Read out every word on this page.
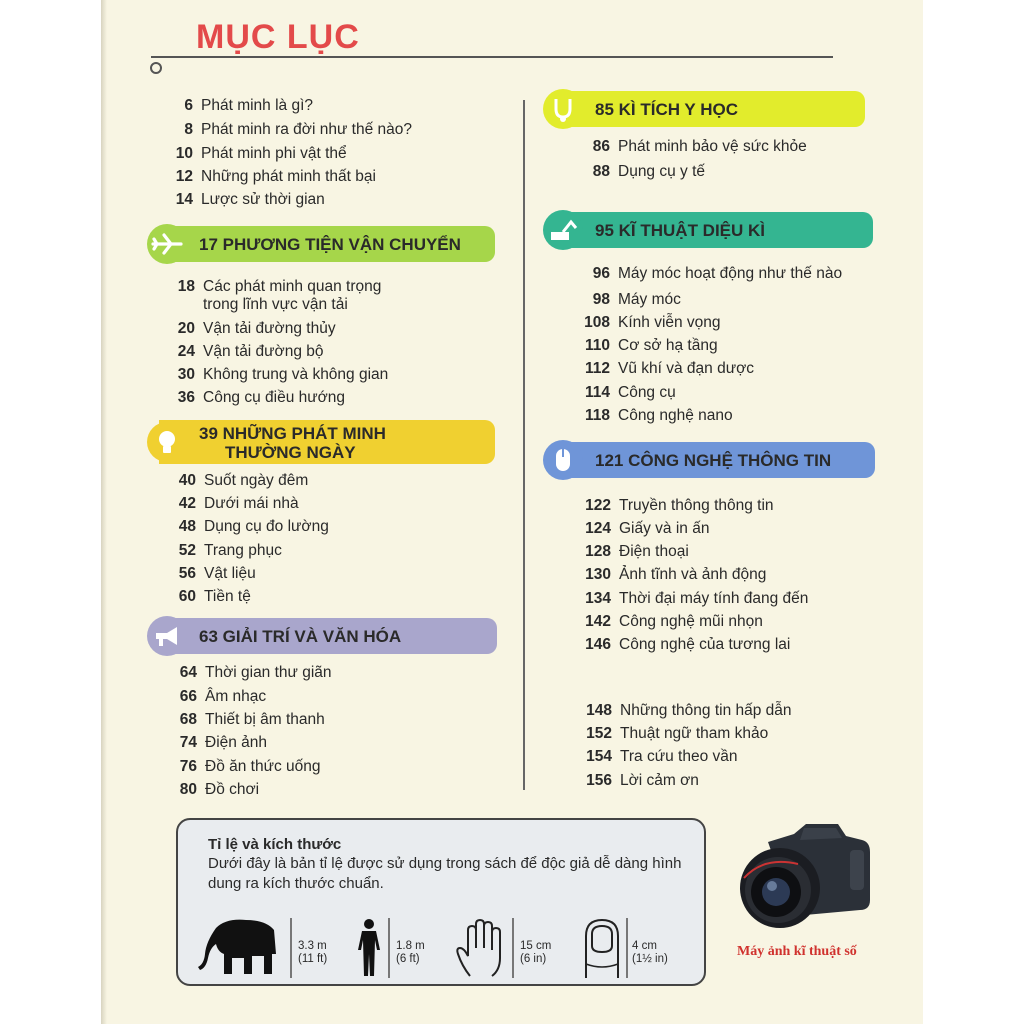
MỤC LỤC
6 Phát minh là gì?
8 Phát minh ra đời như thế nào?
10 Phát minh phi vật thể
12 Những phát minh thất bại
14 Lược sử thời gian
17 PHƯƠNG TIỆN VẬN CHUYỂN
18 Các phát minh quan trọng
trong lĩnh vực vận tải
20 Vận tải đường thủy
24 Vận tải đường bộ
30 Không trung và không gian
36 Công cụ điều hướng
39 NHỮNG PHÁT MINH
THƯỜNG NGÀY
40 Suốt ngày đêm
42 Dưới mái nhà
48 Dụng cụ đo lường
52 Trang phục
56 Vật liệu
60 Tiền tệ
63 GIẢI TRÍ VÀ VĂN HÓA
64 Thời gian thư giãn
66 Âm nhạc
68 Thiết bị âm thanh
74 Điện ảnh
76 Đồ ăn thức uống
80 Đồ chơi
85 KÌ TÍCH Y HỌC
86 Phát minh bảo vệ sức khỏe
88 Dụng cụ y tế
95 KĨ THUẬT DIỆU KÌ
96 Máy móc hoạt động như thế nào
98 Máy móc
108 Kính viễn vọng
110 Cơ sở hạ tầng
112 Vũ khí và đạn dược
114 Công cụ
118 Công nghệ nano
121 CÔNG NGHỆ THÔNG TIN
122 Truyền thông thông tin
124 Giấy và in ấn
128 Điện thoại
130 Ảnh tĩnh và ảnh động
134 Thời đại máy tính đang đến
142 Công nghệ mũi nhọn
146 Công nghệ của tương lai
148 Những thông tin hấp dẫn
152 Thuật ngữ tham khảo
154 Tra cứu theo vần
156 Lời cảm ơn
Tỉ lệ và kích thước
Dưới đây là bản tỉ lệ được sử dụng trong sách để độc giả dễ dàng hình dung ra kích thước chuẩn.
3.3 m
(11 ft)
1.8 m
(6 ft)
15 cm
(6 in)
4 cm
(1½ in)	Máy ảnh kĩ thuật số
